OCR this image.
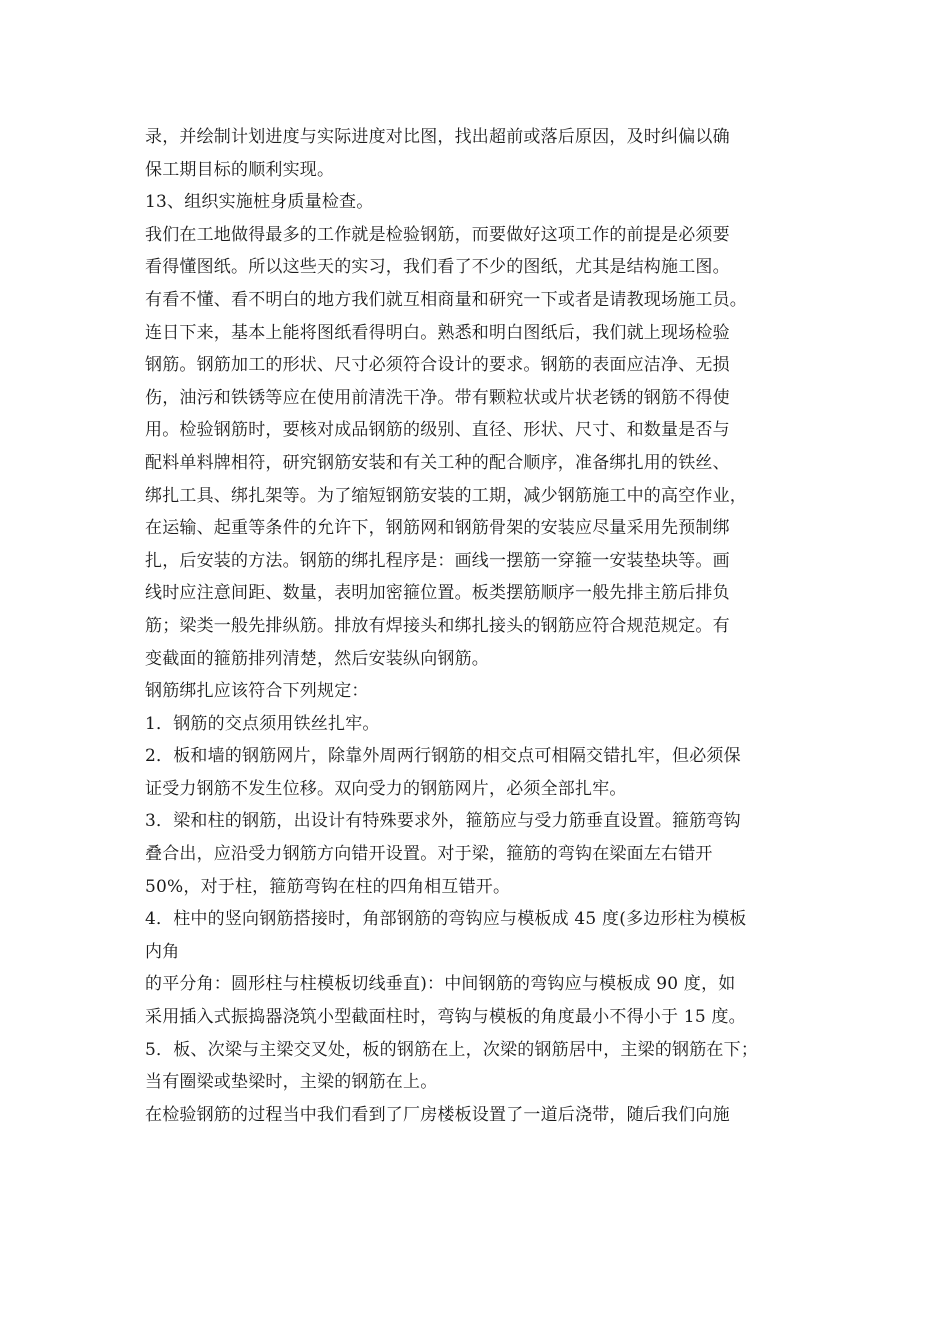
录，并绘制计划进度与实际进度对比图，找出超前或落后原因，及时纠偏以确
保工期目标的顺利实现。
13、组织实施桩身质量检查。
我们在工地做得最多的工作就是检验钢筋，而要做好这项工作的前提是必须要
看得懂图纸。所以这些天的实习，我们看了不少的图纸，尤其是结构施工图。
有看不懂、看不明白的地方我们就互相商量和研究一下或者是请教现场施工员。
连日下来，基本上能将图纸看得明白。熟悉和明白图纸后，我们就上现场检验
钢筋。钢筋加工的形状、尺寸必须符合设计的要求。钢筋的表面应洁净、无损
伤，油污和铁锈等应在使用前清洗干净。带有颗粒状或片状老锈的钢筋不得使
用。检验钢筋时，要核对成品钢筋的级别、直径、形状、尺寸、和数量是否与
配料单料牌相符，研究钢筋安装和有关工种的配合顺序，准备绑扎用的铁丝、
绑扎工具、绑扎架等。为了缩短钢筋安装的工期，减少钢筋施工中的高空作业，
在运输、起重等条件的允许下，钢筋网和钢筋骨架的安装应尽量采用先预制绑
扎，后安装的方法。钢筋的绑扎程序是：画线一摆筋一穿箍一安装垫块等。画
线时应注意间距、数量，表明加密箍位置。板类摆筋顺序一般先排主筋后排负
筋；梁类一般先排纵筋。排放有焊接头和绑扎接头的钢筋应符合规范规定。有
变截面的箍筋排列清楚，然后安装纵向钢筋。
钢筋绑扎应该符合下列规定：
1．钢筋的交点须用铁丝扎牢。
2．板和墙的钢筋网片，除靠外周两行钢筋的相交点可相隔交错扎牢，但必须保
证受力钢筋不发生位移。双向受力的钢筋网片，必须全部扎牢。
3．梁和柱的钢筋，出设计有特殊要求外，箍筋应与受力筋垂直设置。箍筋弯钩
叠合出，应沿受力钢筋方向错开设置。对于梁，箍筋的弯钩在梁面左右错开
50%，对于柱，箍筋弯钩在柱的四角相互错开。
4．柱中的竖向钢筋搭接时，角部钢筋的弯钩应与模板成 45 度(多边形柱为模板
内角
的平分角：圆形柱与柱模板切线垂直)：中间钢筋的弯钩应与模板成 90 度，如
采用插入式振捣器浇筑小型截面柱时，弯钩与模板的角度最小不得小于 15 度。
5．板、次梁与主梁交叉处，板的钢筋在上，次梁的钢筋居中，主梁的钢筋在下；
当有圈梁或垫梁时，主梁的钢筋在上。
在检验钢筋的过程当中我们看到了厂房楼板设置了一道后浇带，随后我们向施
